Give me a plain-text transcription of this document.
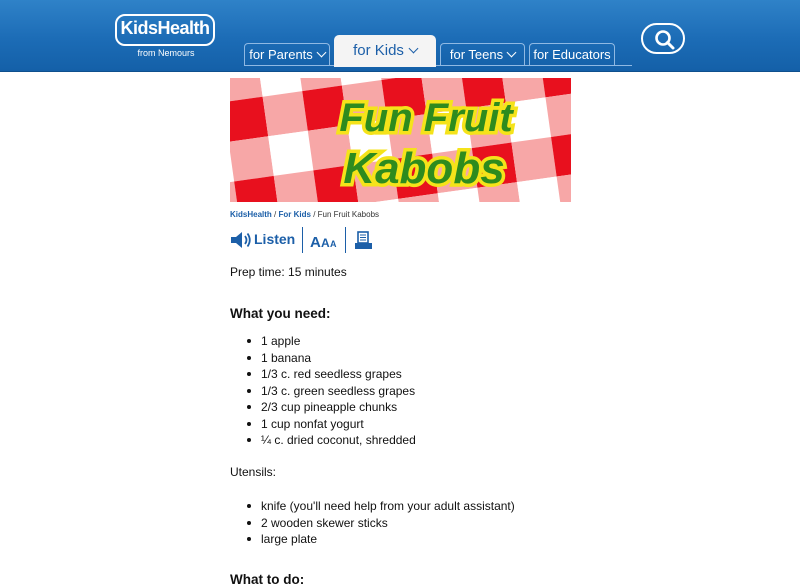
KidsHealth
from Nemours	for Parents	for Kids	for Teens	for Educators
Fun Fruit
Kabobs
KidsHealth / For Kids / Fun Fruit Kabobs
Listen A A A

Prep time: 15 minutes

What you need:

1 apple
1 banana
1/3 c. red seedless grapes
1/3 c. green seedless grapes
2/3 cup pineapple chunks
1 cup nonfat yogurt
¼ c. dried coconut, shredded

Utensils:

knife (you'll need help from your adult assistant)
2 wooden skewer sticks
large plate

What to do:
